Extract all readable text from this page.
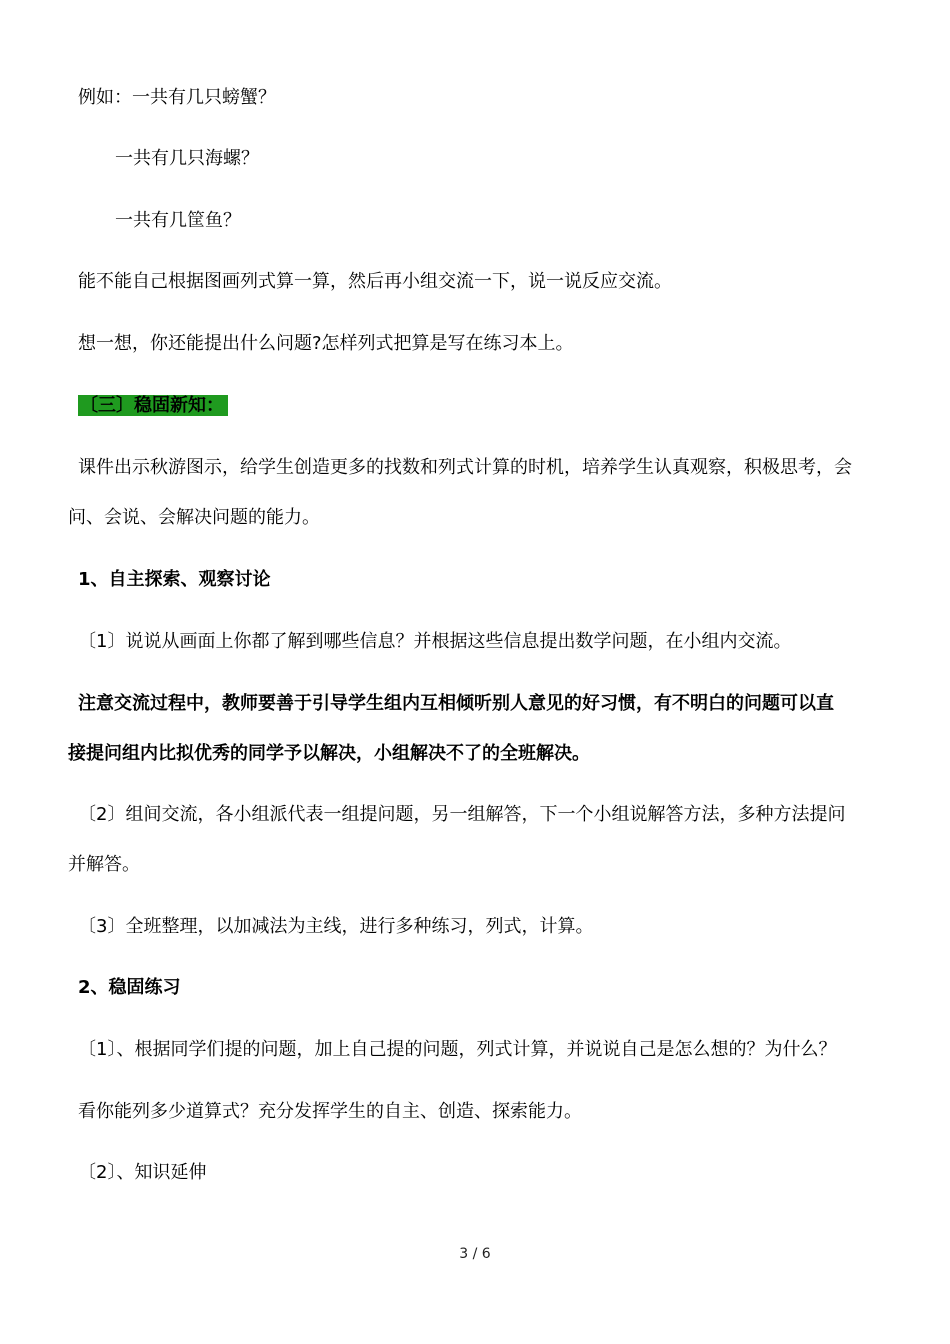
例如：一共有几只螃蟹？
一共有几只海螺？
一共有几筐鱼？
能不能自己根据图画列式算一算，然后再小组交流一下，说一说反应交流。
想一想，你还能提出什么问题?怎样列式把算是写在练习本上。
〔三〕稳固新知：
课件出示秋游图示，给学生创造更多的找数和列式计算的时机，培养学生认真观察，积极思考，会
问、会说、会解决问题的能力。
1、自主探索、观察讨论
〔1〕说说从画面上你都了解到哪些信息？并根据这些信息提出数学问题，在小组内交流。
注意交流过程中，教师要善于引导学生组内互相倾听别人意见的好习惯，有不明白的问题可以直
接提问组内比拟优秀的同学予以解决，小组解决不了的全班解决。
〔2〕组间交流，各小组派代表一组提问题，另一组解答，下一个小组说解答方法，多种方法提问
并解答。
〔3〕全班整理，以加减法为主线，进行多种练习，列式，计算。
2、稳固练习
〔1〕、根据同学们提的问题，加上自己提的问题，列式计算，并说说自己是怎么想的？为什么？
看你能列多少道算式？充分发挥学生的自主、创造、探索能力。
〔2〕、知识延伸
3 / 6
